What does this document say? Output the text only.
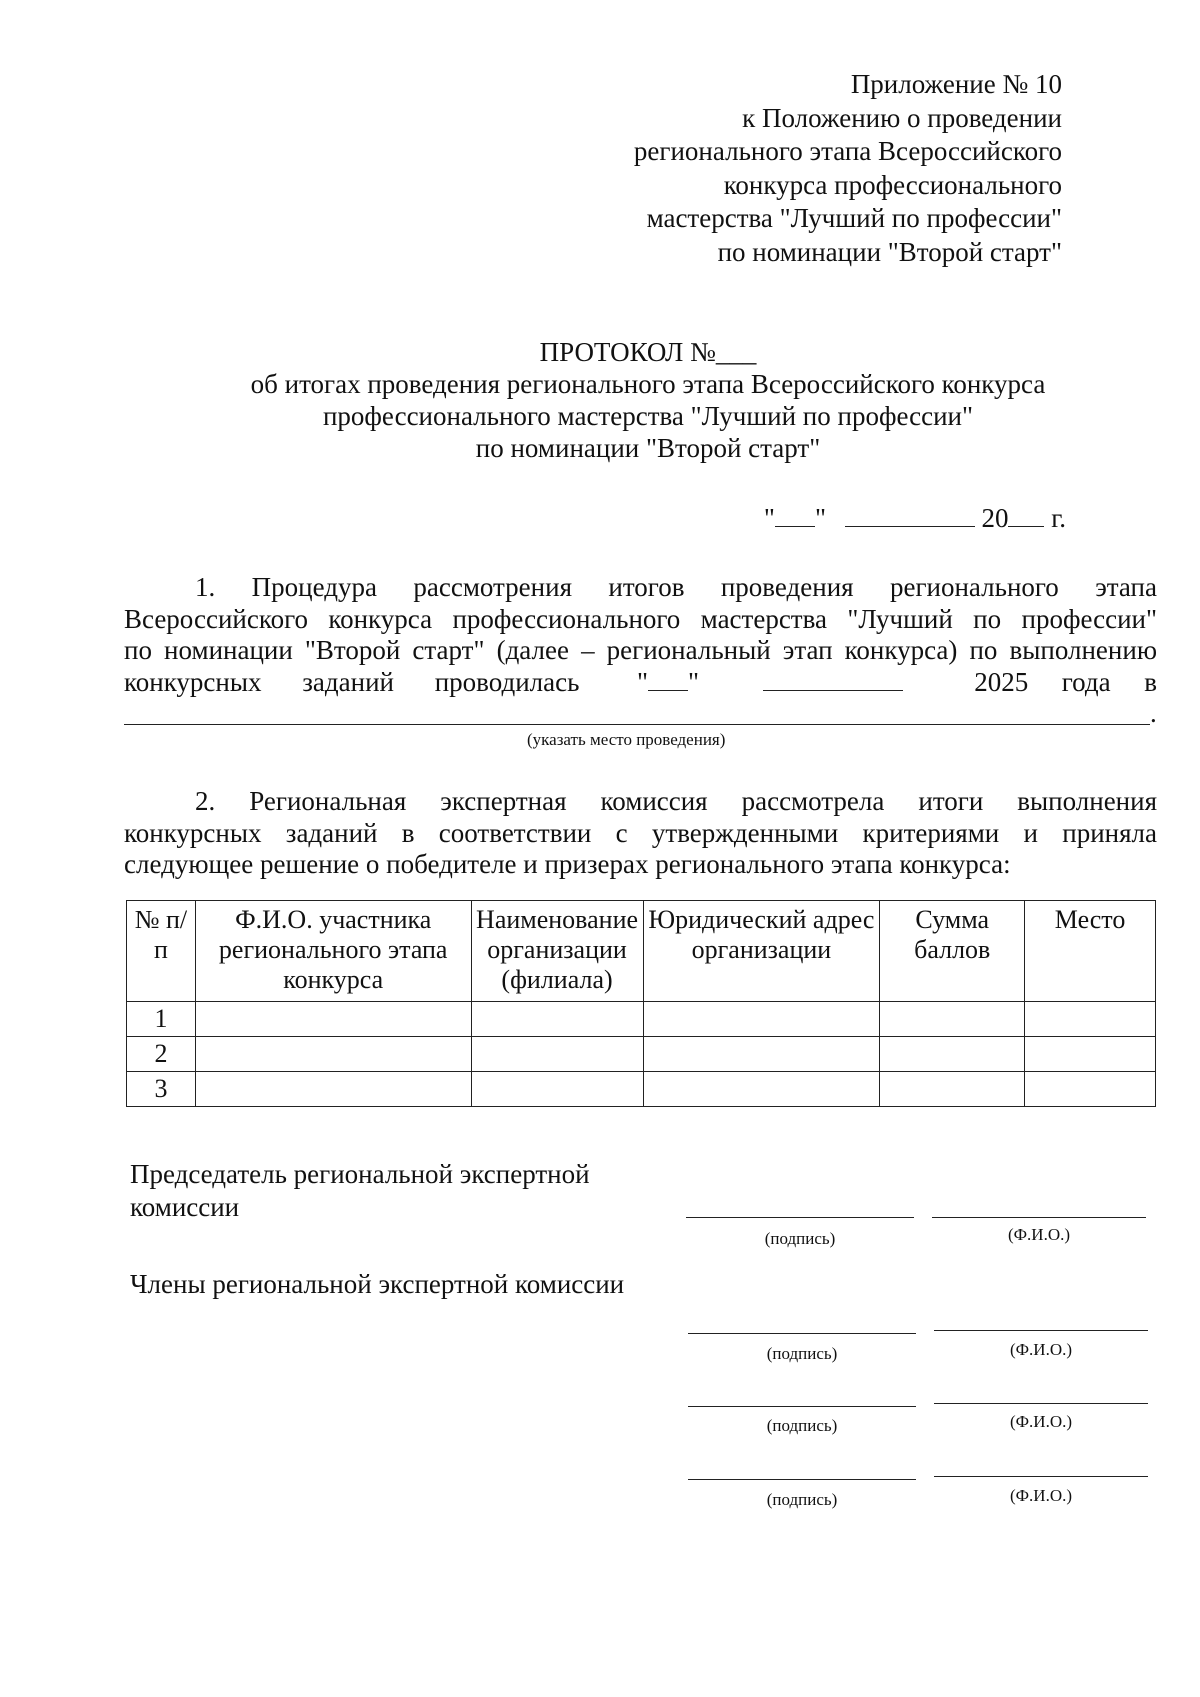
Приложение № 10
к Положению о проведении
регионального этапа Всероссийского
конкурса профессионального
мастерства "Лучший по профессии"
по номинации "Второй старт"
ПРОТОКОЛ №___
об итогах проведения регионального этапа Всероссийского конкурса
профессионального мастерства "Лучший по профессии"
по номинации "Второй старт"
" "	20 г.
1. Процедура рассмотрения итогов проведения регионального этапа
Всероссийского конкурса профессионального мастерства "Лучший по профессии"
по номинации "Второй старт" (далее – региональный этап конкурса) по выполнению
конкурсных заданий проводилась " "	2025 года в
.
(указать место проведения)
2. Региональная экспертная комиссия рассмотрела итоги выполнения
конкурсных заданий в соответствии с утвержденными критериями и приняла
следующее решение о победителе и призерах регионального этапа конкурса:
№ п/п	Ф.И.О. участника регионального этапа конкурса	Наименование организации (филиала)	Юридический адрес организации	Сумма баллов	Место
1					
2					
3					
Председатель региональной экспертной комиссии
(подпись)	(Ф.И.О.)
Члены региональной экспертной комиссии
(подпись)	(Ф.И.О.)
(подпись)	(Ф.И.О.)
(подпись)	(Ф.И.О.)
